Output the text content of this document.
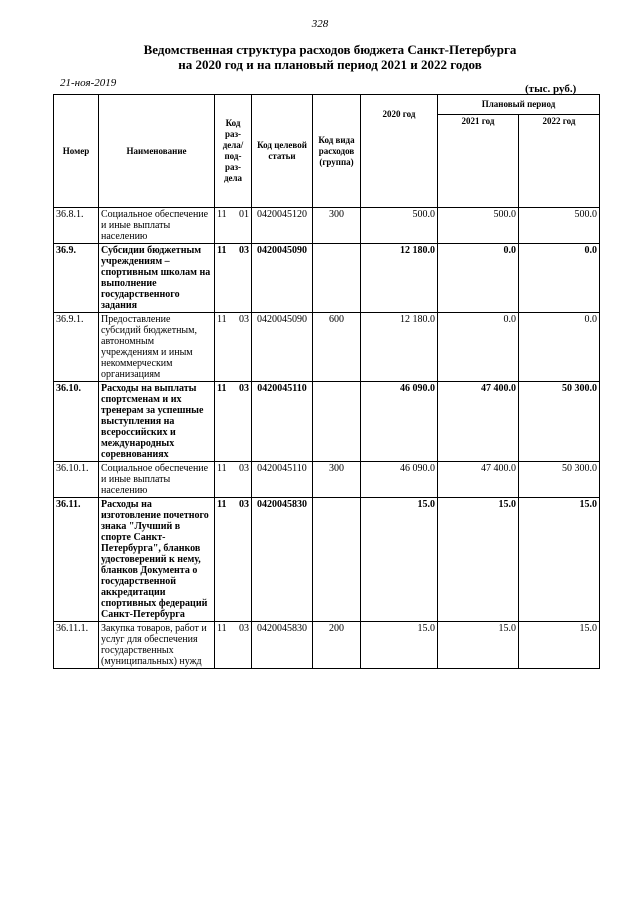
328
Ведомственная структура расходов бюджета Санкт-Петербурга
на 2020 год и на плановый период 2021 и 2022 годов
21-ноя-2019	(тыс. руб.)
Номер	Наименование	Код раз- дела/ под- раз- дела	Код целевой статьи	Код вида расходов (группа)	2020 год	Плановый период	
						2021 год	2022 год
36.8.1.	Социальное обеспечение и иные выплаты населению	11 01	0420045120	300	500.0	500.0	500.0
36.9.	Субсидии бюджетным учреждениям – спортивным школам на выполнение государственного задания	11 03	0420045090		12 180.0	0.0	0.0
36.9.1.	Предоставление субсидий бюджетным, автономным учреждениям и иным некоммерческим организациям	11 03	0420045090	600	12 180.0	0.0	0.0
36.10.	Расходы на выплаты спортсменам и их тренерам за успешные выступления на всероссийских и международных соревнованиях	11 03	0420045110		46 090.0	47 400.0	50 300.0
36.10.1.	Социальное обеспечение и иные выплаты населению	11 03	0420045110	300	46 090.0	47 400.0	50 300.0
36.11.	Расходы на изготовление почетного знака "Лучший в спорте Санкт-Петербурга", бланков удостоверений к нему, бланков Документа о государственной аккредитации спортивных федераций Санкт-Петербурга	11 03	0420045830		15.0	15.0	15.0
36.11.1.	Закупка товаров, работ и услуг для обеспечения государственных (муниципальных) нужд	11 03	0420045830	200	15.0	15.0	15.0
